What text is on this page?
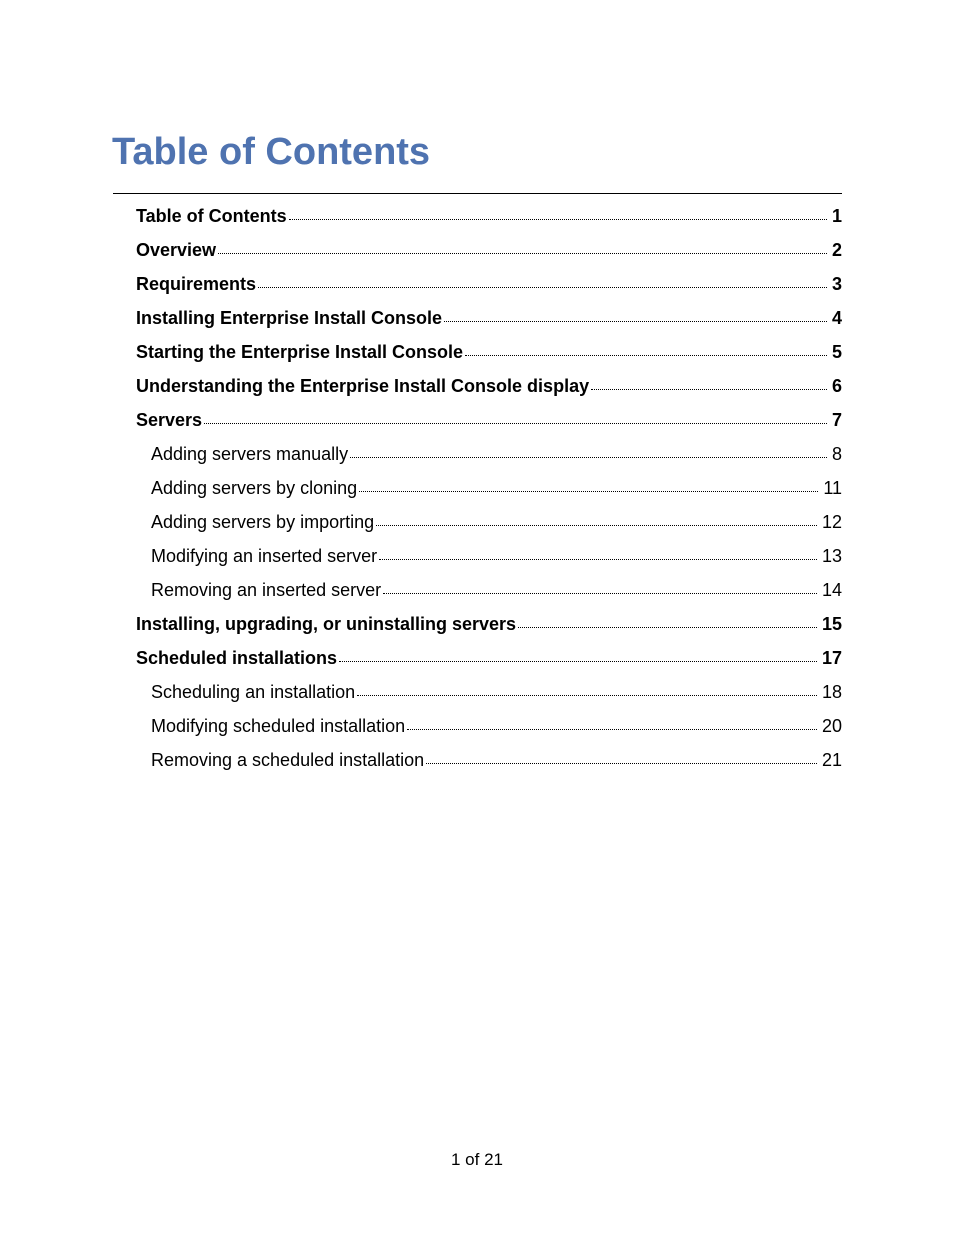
Table of Contents
Table of Contents	1
Overview	2
Requirements	3
Installing Enterprise Install Console	4
Starting the Enterprise Install Console	5
Understanding the Enterprise Install Console display	6
Servers	7
Adding servers manually	8
Adding servers by cloning	11
Adding servers by importing	12
Modifying an inserted server	13
Removing an inserted server	14
Installing, upgrading, or uninstalling servers	15
Scheduled installations	17
Scheduling an installation	18
Modifying scheduled installation	20
Removing a scheduled installation	21
1 of 21
